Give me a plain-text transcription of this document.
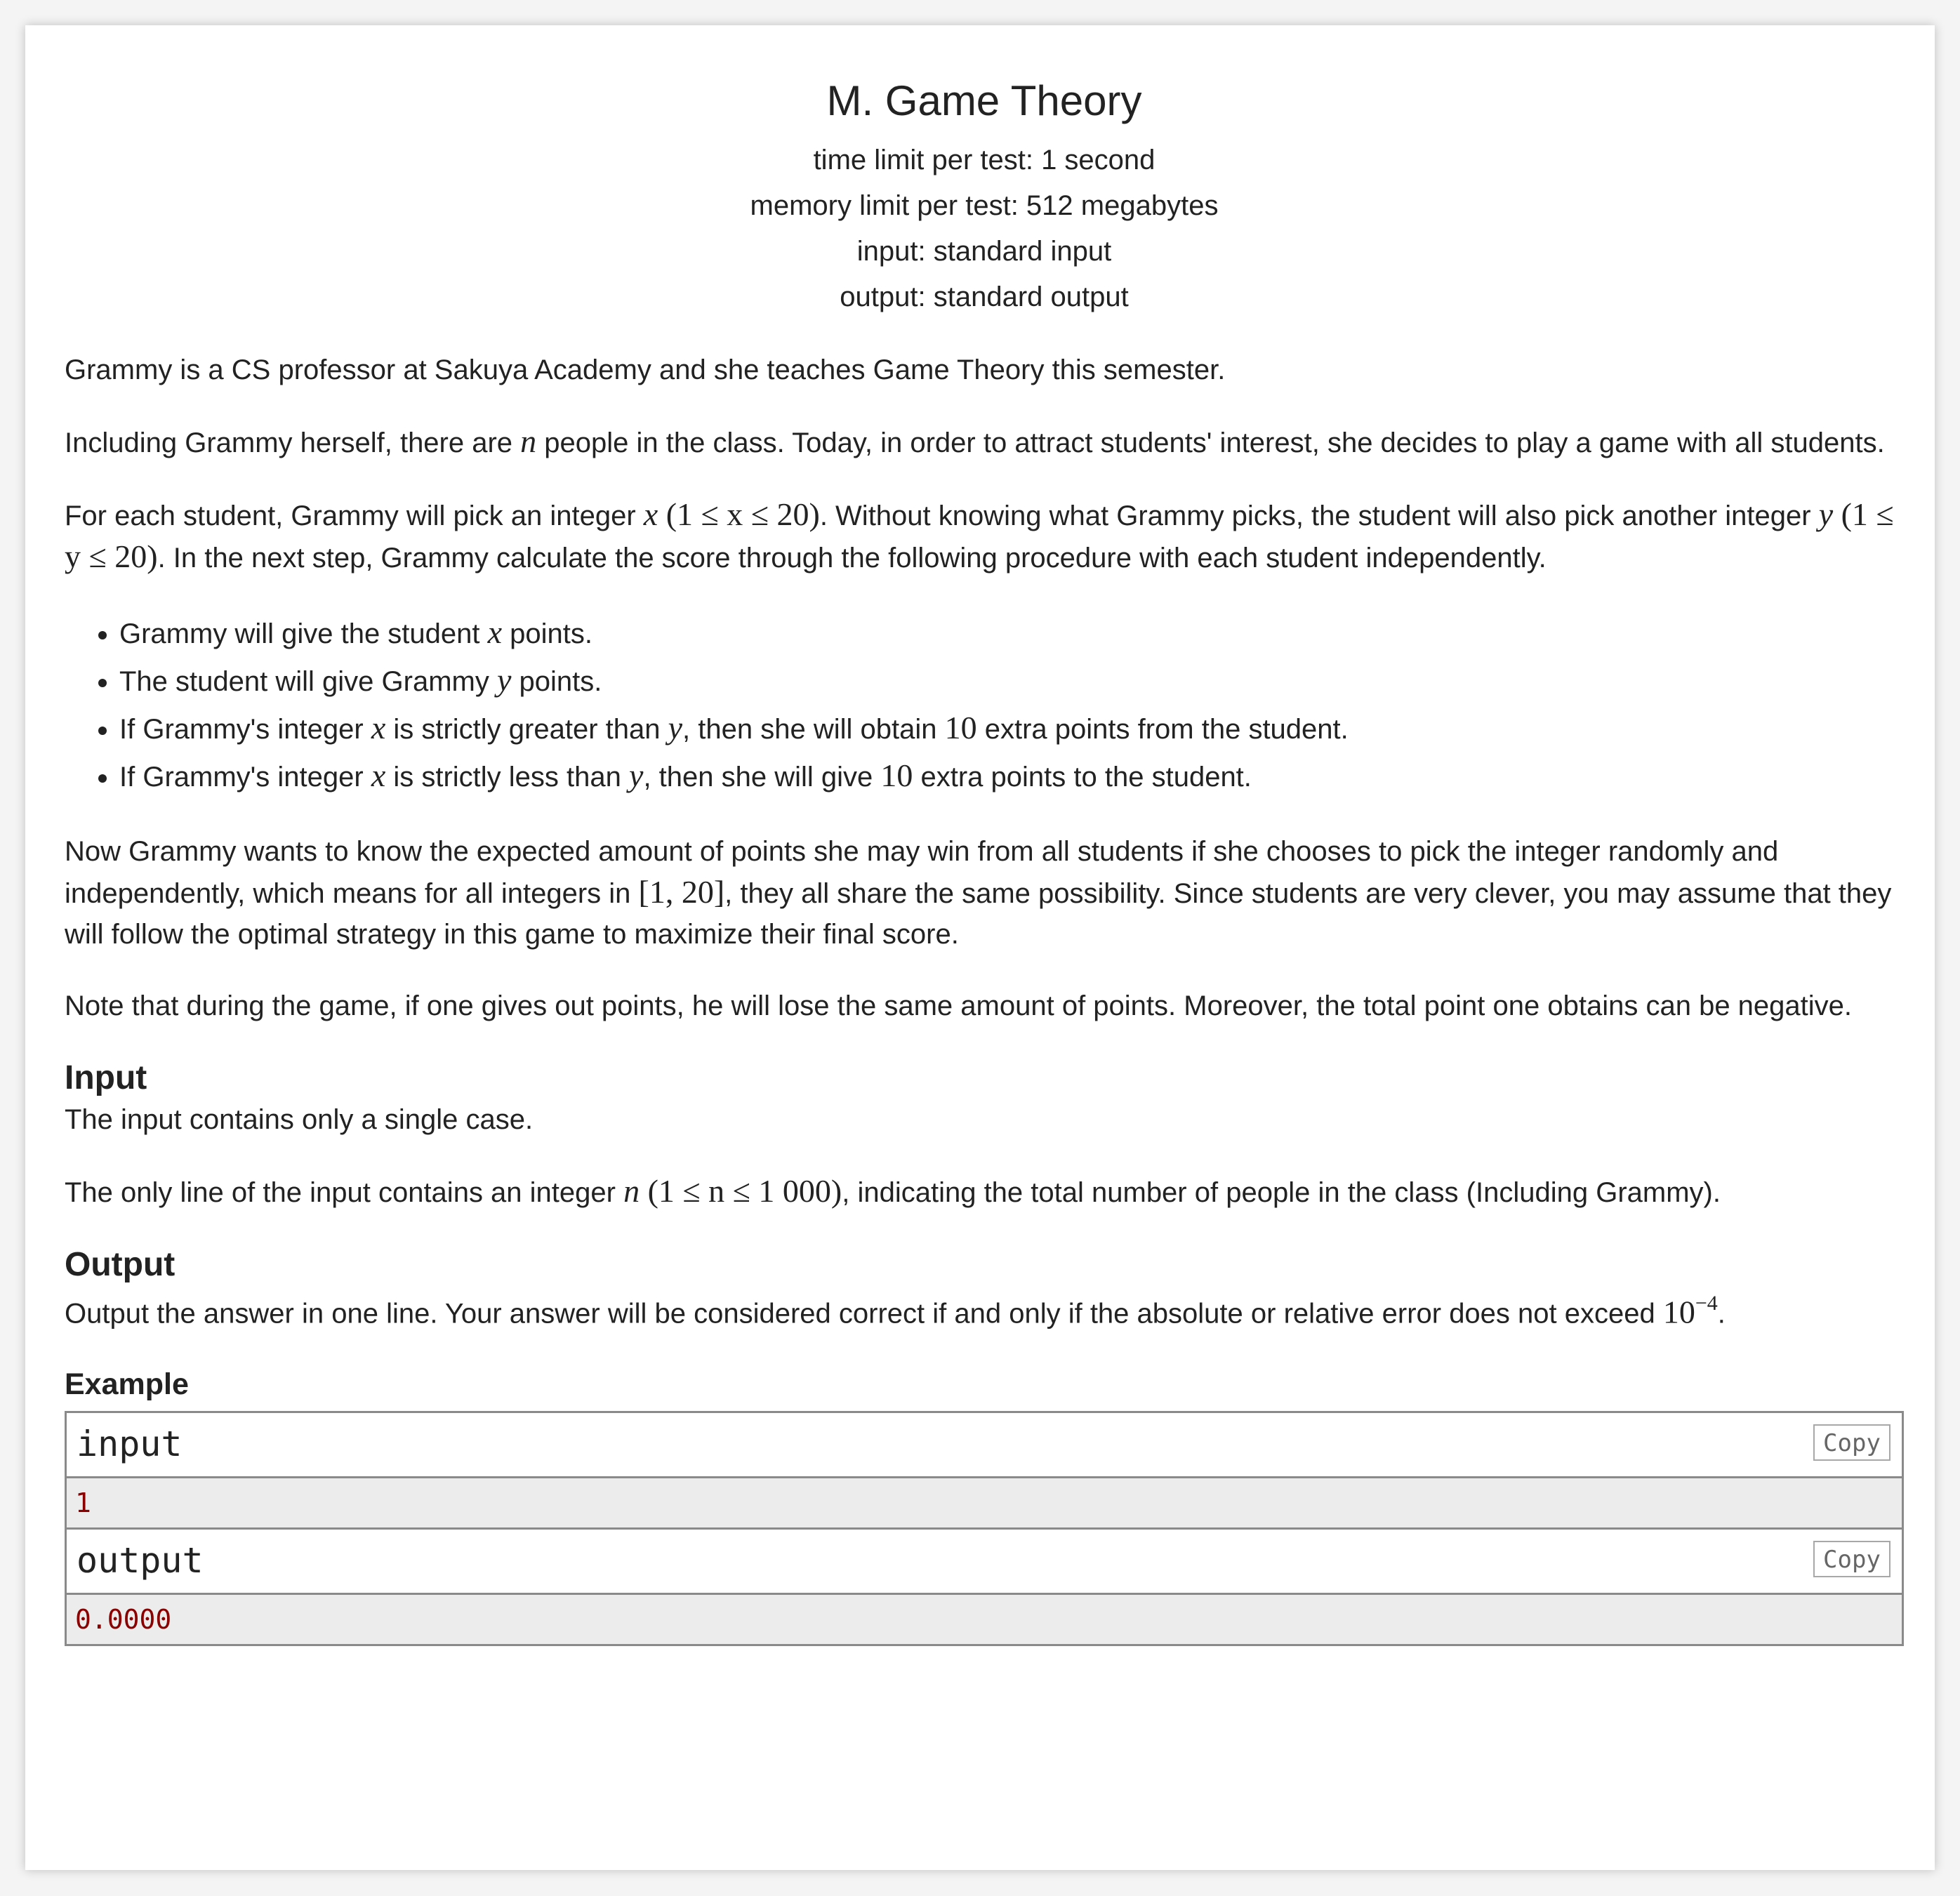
M. Game Theory
time limit per test: 1 second
memory limit per test: 512 megabytes
input: standard input
output: standard output

Grammy is a CS professor at Sakuya Academy and she teaches Game Theory this semester.

Including Grammy herself, there are n people in the class. Today, in order to attract students' interest, she decides to play a game with all students.

For each student, Grammy will pick an integer x (1 ≤ x ≤ 20). Without knowing what Grammy picks, the student will also pick another integer y (1 ≤ y ≤ 20). In the next step, Grammy calculate the score through the following procedure with each student independently.

• Grammy will give the student x points.
• The student will give Grammy y points.
• If Grammy's integer x is strictly greater than y, then she will obtain 10 extra points from the student.
• If Grammy's integer x is strictly less than y, then she will give 10 extra points to the student.

Now Grammy wants to know the expected amount of points she may win from all students if she chooses to pick the integer randomly and independently, which means for all integers in [1, 20], they all share the same possibility. Since students are very clever, you may assume that they will follow the optimal strategy in this game to maximize their final score.

Note that during the game, if one gives out points, he will lose the same amount of points. Moreover, the total point one obtains can be negative.

Input

The input contains only a single case.

The only line of the input contains an integer n (1 ≤ n ≤ 1 000), indicating the total number of people in the class (Including Grammy).

Output

Output the answer in one line. Your answer will be considered correct if and only if the absolute or relative error does not exceed $10^{-4}$.

Example
input	Copy
1
output	Copy
0.0000
